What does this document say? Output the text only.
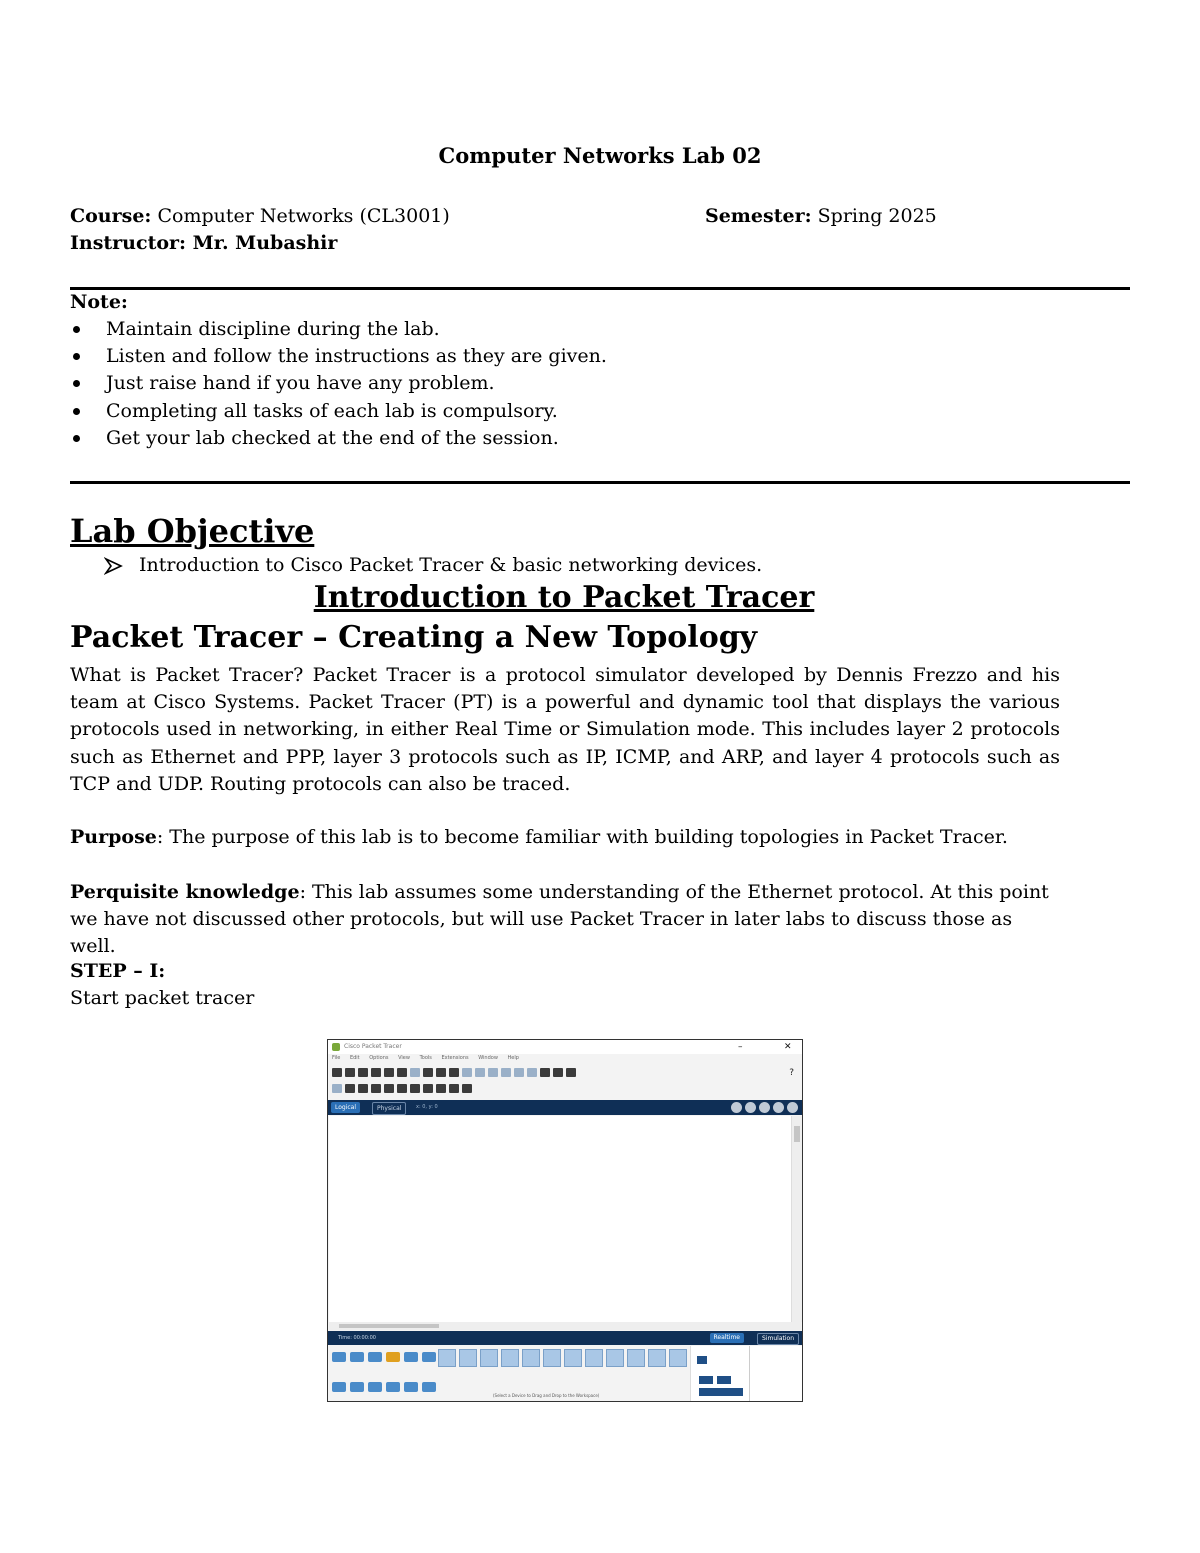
Computer Networks Lab 02
Course: Computer Networks (CL3001)	Semester: Spring 2025
Instructor: Mr. Mubashir
Note:
Maintain discipline during the lab.
Listen and follow the instructions as they are given.
Just raise hand if you have any problem.
Completing all tasks of each lab is compulsory.
Get your lab checked at the end of the session.
Lab Objective
Introduction to Cisco Packet Tracer & basic networking devices.
Introduction to Packet Tracer
Packet Tracer – Creating a New Topology
What is Packet Tracer? Packet Tracer is a protocol simulator developed by Dennis Frezzo and his team at Cisco Systems. Packet Tracer (PT) is a powerful and dynamic tool that displays the various protocols used in networking, in either Real Time or Simulation mode. This includes layer 2 protocols such as Ethernet and PPP, layer 3 protocols such as IP, ICMP, and ARP, and layer 4 protocols such as TCP and UDP. Routing protocols can also be traced.
Purpose: The purpose of this lab is to become familiar with building topologies in Packet Tracer.
Perquisite knowledge: This lab assumes some understanding of the Ethernet protocol. At this point we have not discussed other protocols, but will use Packet Tracer in later labs to discuss those as well.
STEP – I:
Start packet tracer
Cisco Packet Tracer	–	✕
File Edit Options View Tools Extensions Window Help
?
Logical	Physical	x: 0, y: 0
Time: 00:00:00	Realtime	Simulation
(Select a Device to Drag and Drop to the Workspace)
